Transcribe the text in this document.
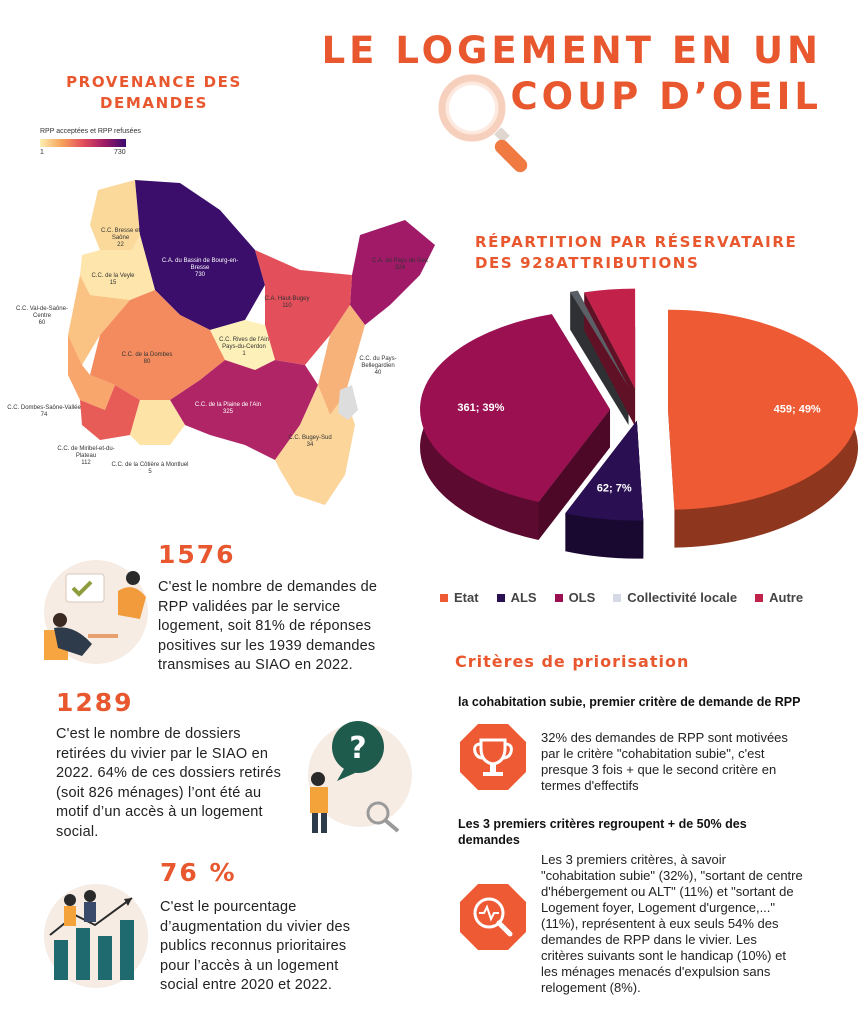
LE LOGEMENT EN UN
COUP D’OEIL
PROVENANCE DES
DEMANDES
RPP acceptées et RPP refusées
1	730
C.C. Bresse et Saône
22
C.A. du Bassin de Bourg-en-Bresse
730
C.C. de la Veyle
15
C.A. du Pays de Gex
324
C.A. Haut-Bugey
110
C.C. Val-de-Saône-Centre
60
C.C. Rives de l'Ain Pays-du-Cerdon
1
C.C. de la Dombes
80	C.C. du Pays-Bellegardien
40
C.C. de la Plaine de l'Ain
325
C.C. Dombes-Saône-Vallée
74
C.C. Bugey-Sud
34
C.C. de Miribel-et-du-Plateau
112	C.C. de la Côtière à Montluel
5
RÉPARTITION PAR RÉSERVATAIRE
DES 928ATTRIBUTIONS
459; 49%
62; 7%
361; 39%
Etat ALS OLS Collectivité locale Autre
1576
C'est le nombre de demandes de RPP validées par le service logement, soit 81% de réponses positives sur les 1939 demandes transmises au SIAO en 2022.
1289
C'est le nombre de dossiers retirées du vivier par le SIAO en 2022. 64% de ces dossiers retirés (soit 826 ménages) l’ont été au motif d’un accès à un logement social.
?
76 %
C'est le pourcentage d’augmentation du vivier des publics reconnus prioritaires pour l’accès à un logement social entre 2020 et 2022.
Critères de priorisation
la cohabitation subie, premier critère de demande de RPP
32% des demandes de RPP sont motivées par le critère "cohabitation subie", c'est presque 3 fois + que le second critère en termes d'effectifs
Les 3 premiers critères regroupent + de 50% des demandes
Les 3 premiers critères, à savoir "cohabitation subie" (32%), "sortant de centre d'hébergement ou ALT" (11%) et "sortant de Logement foyer, Logement d'urgence,..." (11%), représentent à eux seuls 54% des demandes de RPP dans le vivier. Les critères suivants sont le handicap (10%) et les ménages menacés d'expulsion sans relogement (8%).
